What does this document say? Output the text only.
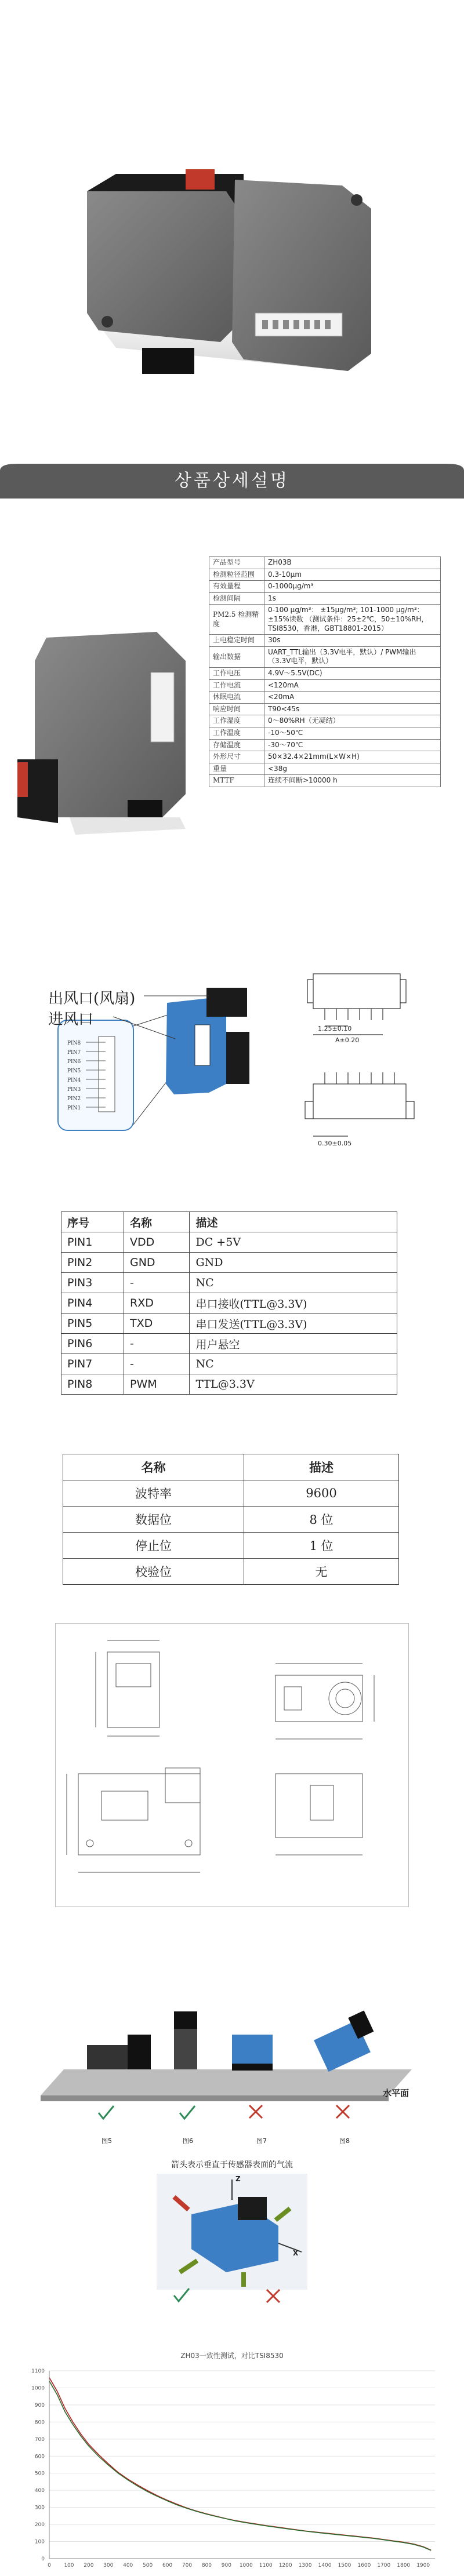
상품상세설명
产品型号	ZH03B
检测粒径范围	0.3-10μm
有效量程	0-1000μg/m³
检测间隔	1s
PM2.5 检测精度	0-100 μg/m³： ±15μg/m³; 101-1000 μg/m³： ±15%读数 （测试条件：25±2℃，50±10%RH，TSI8530，香港，GBT18801-2015）
上电稳定时间	30s
输出数据	UART_TTL输出（3.3V电平，默认）/ PWM输出（3.3V电平，默认）
工作电压	4.9V～5.5V(DC)
工作电流	<120mA
休眠电流	<20mA
响应时间	T90<45s
工作湿度	0～80%RH（无凝结）
工作温度	-10～50℃
存储温度	-30～70℃
外形尺寸	50×32.4×21mm(L×W×H)
重量	<38g
MTTF	连续不间断>10000 h
PIN8
PIN7
PIN6
PIN5
PIN4
PIN3
PIN2
PIN1
出风口(风扇)
进风口
1.25±0.10
A±0.20
0.30±0.05
序号	名称	描述
PIN1	VDD	DC +5V
PIN2	GND	GND
PIN3	-	NC
PIN4	RXD	串口接收(TTL@3.3V)
PIN5	TXD	串口发送(TTL@3.3V)
PIN6	-	用户悬空
PIN7	-	NC
PIN8	PWM	TTL@3.3V
名称	描述
波特率	9600
数据位	8 位
停止位	1 位
校验位	无
水平面
图5	图6	图7	图8
箭头表示垂直于传感器表面的气流
Z
X
ZH03一致性测试，对比TSI8530
0
100
200
300
400
500
600
700
800
900
1000
1100
0 100 200 300 400 500 600 700 800 900 1000 1100 1200 1300 1400 1500 1600 1700 1800 1900
